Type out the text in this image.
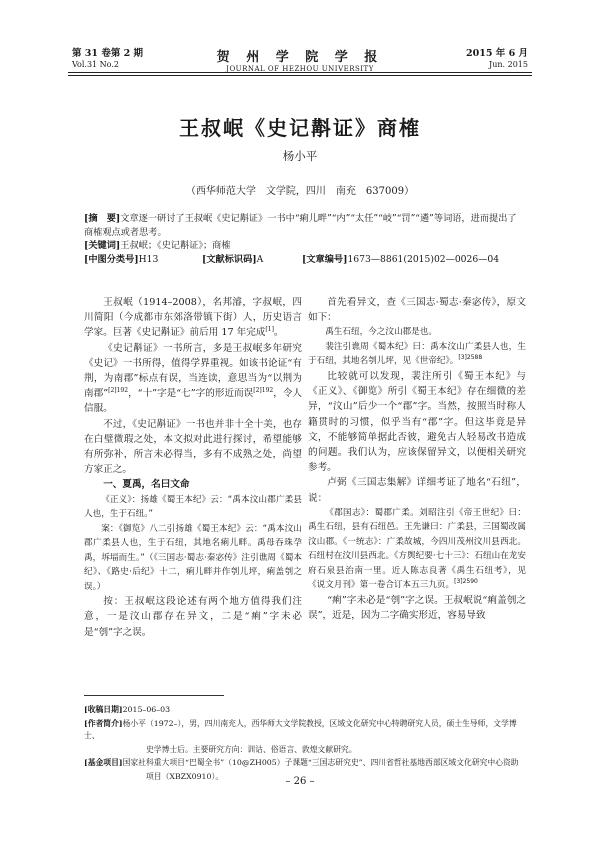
第 31 卷第 2 期
Vol.31 No.2	贺 州 学 院 学 报
JOURNAL OF HEZHOU UNIVERSITY
2015 年 6 月
Jun. 2015
王叔岷《史记斠证》商榷
杨小平
（西华师范大学　文学院，四川　南充　637009）
[摘　要]文章逐一研讨了王叔岷《史记斠证》一书中“痢儿畔”“内”“太任”“岐”“罚”“遴”等词语，进而提出了商榷观点或者思考。
[关键词]王叔岷；《史记斠证》；商榷
[中图分类号]H13	[文献标识码]A	[文章编号]1673—8861(2015)02—0026—04

王叔岷（1914–2008），名邦濬，字叔岷，四川简阳（今成都市东郊洛带镇下街）人，历史语言学家。巨著《史记斠证》前后用 17 年完成[1]。

《史记斠证》一书所言，多是王叔岷多年研究《史记》一书所得，值得学界重视。如该书论证“有荆，为南郡”标点有误，当连读，意思当为“以荆为南郡”$^{[2]192}$，“十”字是“七”字的形近而误$^{[2]192}$，令人信服。

不过，《史记斠证》一书也并非十全十美，也存在白璧微瑕之处，本文拟对此进行探讨，希望能够有所弥补，所言未必得当，多有不成熟之处，尚望方家正之。

一、夏禹，名曰文命

《正义》：扬雄《蜀王本纪》云：“禹本汶山郡广柔县人也，生于石纽。”

案：《御览》八二引扬雄《蜀王本纪》云：“禹本汶山郡广柔县人也，生于石纽，其地名痢儿畔。禹母吞珠孕禹，坼堛而生。”（《三国志·蜀志·秦宓传》注引谯周《蜀本纪》、《路史·后纪》十二，痢儿畔并作刳儿坪，痢盖刳之误。）

按：王叔岷这段论述有两个地方值得我们注意，一是汶山郡存在异文，二是“痢”字未必是“刳”字之误。

首先看异文，查《三国志·蜀志·秦宓传》，原文如下：

禹生石纽，今之汶山郡是也。

裴注引谯周《蜀本纪》曰：禹本汶山广柔县人也，生于石纽，其地名刳儿坪，见《世帝纪》。$^{[3]2588}$

比较就可以发现，裴注所引《蜀王本纪》与《正义》、《御览》所引《蜀王本纪》存在细微的差异，“汶山”后少一个“郡”字。当然，按照当时称人籍贯时的习惯，似乎当有“郡”字。但这毕竟是异文，不能够简单据此否彼，避免古人轻易改书造成的问题。我们认为，应该保留异文，以便相关研究参考。

卢弼《三国志集解》详细考证了地名“石纽”，说：

《郡国志》：蜀郡广柔。刘昭注引《帝王世纪》曰：禹生石纽，县有石纽邑。王先谦曰：广柔县，三国蜀改属汶山郡。《一统志》：广柔故城，今四川茂州汶川县西北。石纽村在汶川县西北。《方舆纪要·七十三》：石纽山在龙安府石泉县治南一里。近人陈志良著《禹生石纽考》，见《说文月刊》第一卷合订本五三九页。$^{[3]2590}$

“痢”字未必是“刳”字之误。王叔岷说“痢盖刳之误”，近是，因为二字确实形近，容易导致

[收稿日期]2015–06–03
[作者简介]杨小平（1972–），男，四川南充人，西华师大文学院教授，区域文化研究中心特聘研究人员，硕士生导师，文学博士、
史学博士后。主要研究方向：训诂、俗语言、敦煌文献研究。
[基金项目]国家社科重大项目“巴蜀全书”（10@ZH005）子课题“三国志研究史”、四川省哲社基地西部区域文化研究中心资助
项目（XBZX0910）。	– 26 –
